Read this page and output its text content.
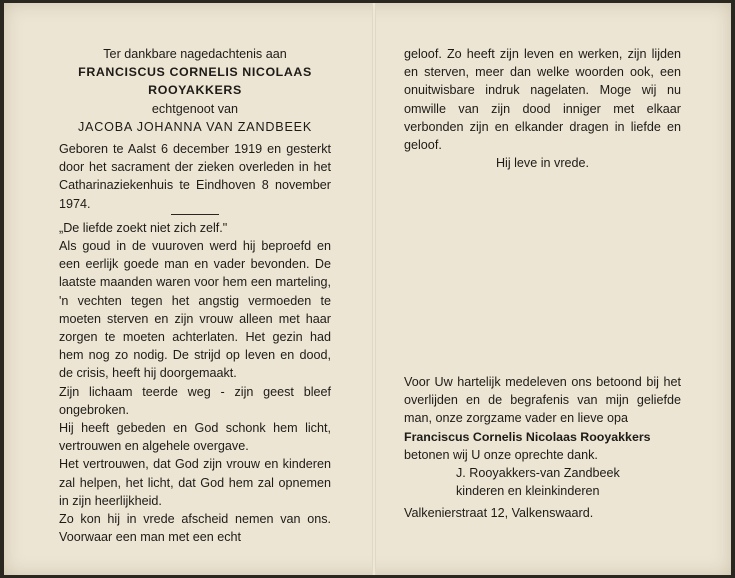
Ter dankbare nagedachtenis aan

FRANCISCUS CORNELIS NICOLAAS

ROOYAKKERS

echtgenoot van

JACOBA JOHANNA VAN ZANDBEEK

Geboren te Aalst 6 december 1919 en gesterkt door het sacrament der zieken overleden in het Catharinaziekenhuis te Eindhoven 8 november 1974.

„De liefde zoekt niet zich zelf."

Als goud in de vuuroven werd hij beproefd en een eerlijk goede man en vader bevonden. De laatste maanden waren voor hem een marteling, 'n vechten tegen het angstig vermoeden te moeten sterven en zijn vrouw alleen met haar zorgen te moeten achterlaten. Het gezin had hem nog zo nodig. De strijd op leven en dood, de crisis, heeft hij doorgemaakt.

Zijn lichaam teerde weg - zijn geest bleef ongebroken.

Hij heeft gebeden en God schonk hem licht, vertrouwen en algehele overgave.

Het vertrouwen, dat God zijn vrouw en kinderen zal helpen, het licht, dat God hem zal opnemen in zijn heerlijkheid.

Zo kon hij in vrede afscheid nemen van ons. Voorwaar een man met een echt

geloof. Zo heeft zijn leven en werken, zijn lijden en sterven, meer dan welke woorden ook, een onuitwisbare indruk nagelaten. Moge wij nu omwille van zijn dood inniger met elkaar verbonden zijn en elkander dragen in liefde en geloof.

Hij leve in vrede.

Voor Uw hartelijk medeleven ons betoond bij het overlijden en de begrafenis van mijn geliefde man, onze zorgzame vader en lieve opa

Franciscus Cornelis Nicolaas Rooyakkers

betonen wij U onze oprechte dank.

J. Rooyakkers-van Zandbeek

kinderen en kleinkinderen

Valkenierstraat 12, Valkenswaard.
